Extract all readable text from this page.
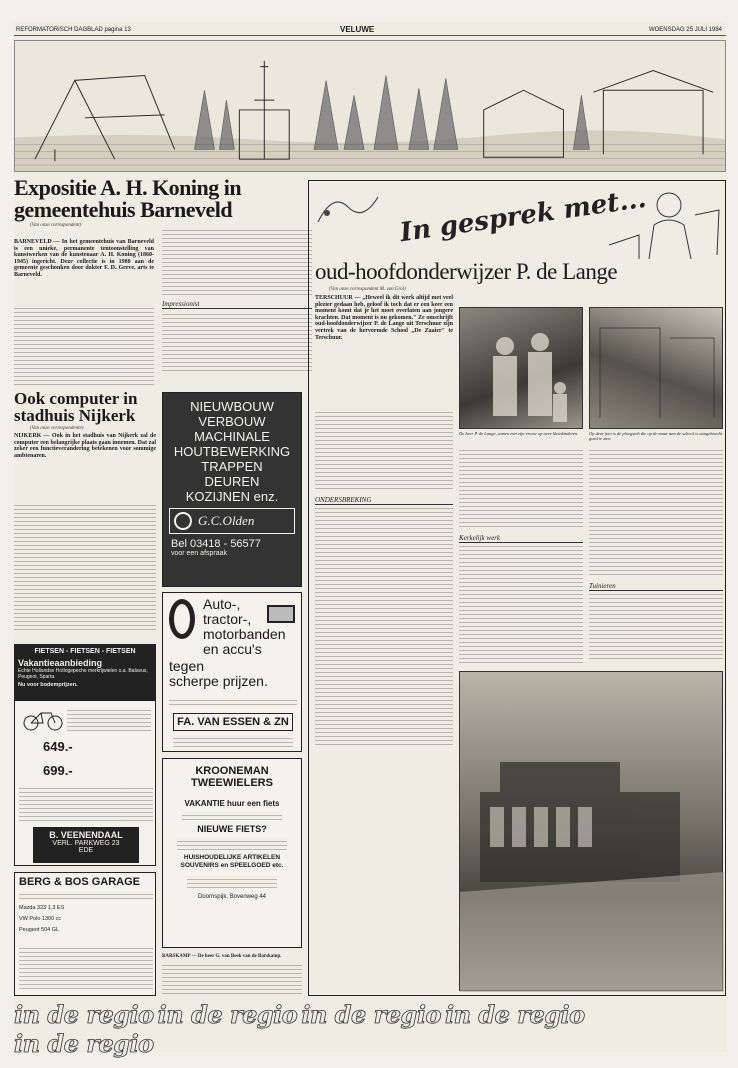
REFORMATORISCH DAGBLAD pagina 13	VELUWE	WOENSDAG 25 JULI 1984
Expositie A. H. Koning in gemeentehuis Barneveld
(Van onze correspondent)
BARNEVELD — In het gemeentehuis van Barneveld is een unieke, permanente tentoonstelling van kunstwerken van de kunstenaar A. H. Koning (1860-1945) ingericht. Deze collectie is in 1980 aan de gemeente geschonken door dokter F. D. Greve, arts te Barneveld.
Impressionist
Ook computer in stadhuis Nijkerk
(Van onze correspondente)
NIJKERK — Ook in het stadhuis van Nijkerk zal de computer een belangrijke plaats gaan innemen. Dat zal zeker een functieverandering betekenen voor sommige ambtenaren.
NIEUWBOUW
VERBOUW
MACHINALE
HOUTBEWERKING
TRAPPEN
DEUREN
KOZIJNEN enz.
G.C.Olden
Bel 03418 - 56577
voor een afspraak
FIETSEN - FIETSEN - FIETSEN
Vakantieaanbieding
Echte Hollandse Hotlogepeche merkrijwielen o.a. Batavus, Peugeot, Sparta.
Nu voor bodemprijzen.
649.-
699.-
B. VEENENDAAL
VERL. PARKWEG 23
EDE
BERG & BOS GARAGE
Mazda 323 1,3 ES
VW Polo 1300 cc
Peugeot 504 GL
Auto-,
tractor-,
motorbanden
en accu's
tegen
scherpe prijzen.
FA. VAN ESSEN & ZN
KROONEMAN TWEEWIELERS
VAKANTIE huur een fiets
NIEUWE FIETS?
HUISHOUDELIJKE ARTIKELEN SOUVENIRS en SPEELGOED etc.
Doornspijk, Bovenweg 44
BARSKAMP — De heer G. van Beek van de Barskamp.
In gesprek met...
oud-hoofdonderwijzer P. de Lange
(Van onze correspondent M. van Grol)
TERSCHUUR — „Heweel ik dit werk altijd met veel plezier gedaan heb, geloof ik toch dat er een keer een moment komt dat je het moet overlaten aan jongere krachten. Dat moment is nu gekomen." Ze omschrijft oud-hoofdonderwijzer P. de Lange uit Terschuur zijn vertrek van de hervormde School „De Zaaier" te Terschuur.
ONDERSBREKING
De heer P. de Lange, samen met zijn vrouw op twee kleinkinderen.	Op deze foto is de ploegsteb die op de muur aan de school is aangebracht goed te zien.
Kerkelijk werk
Tuinieren
in de regio in de regio in de regio in de regio in de regio
